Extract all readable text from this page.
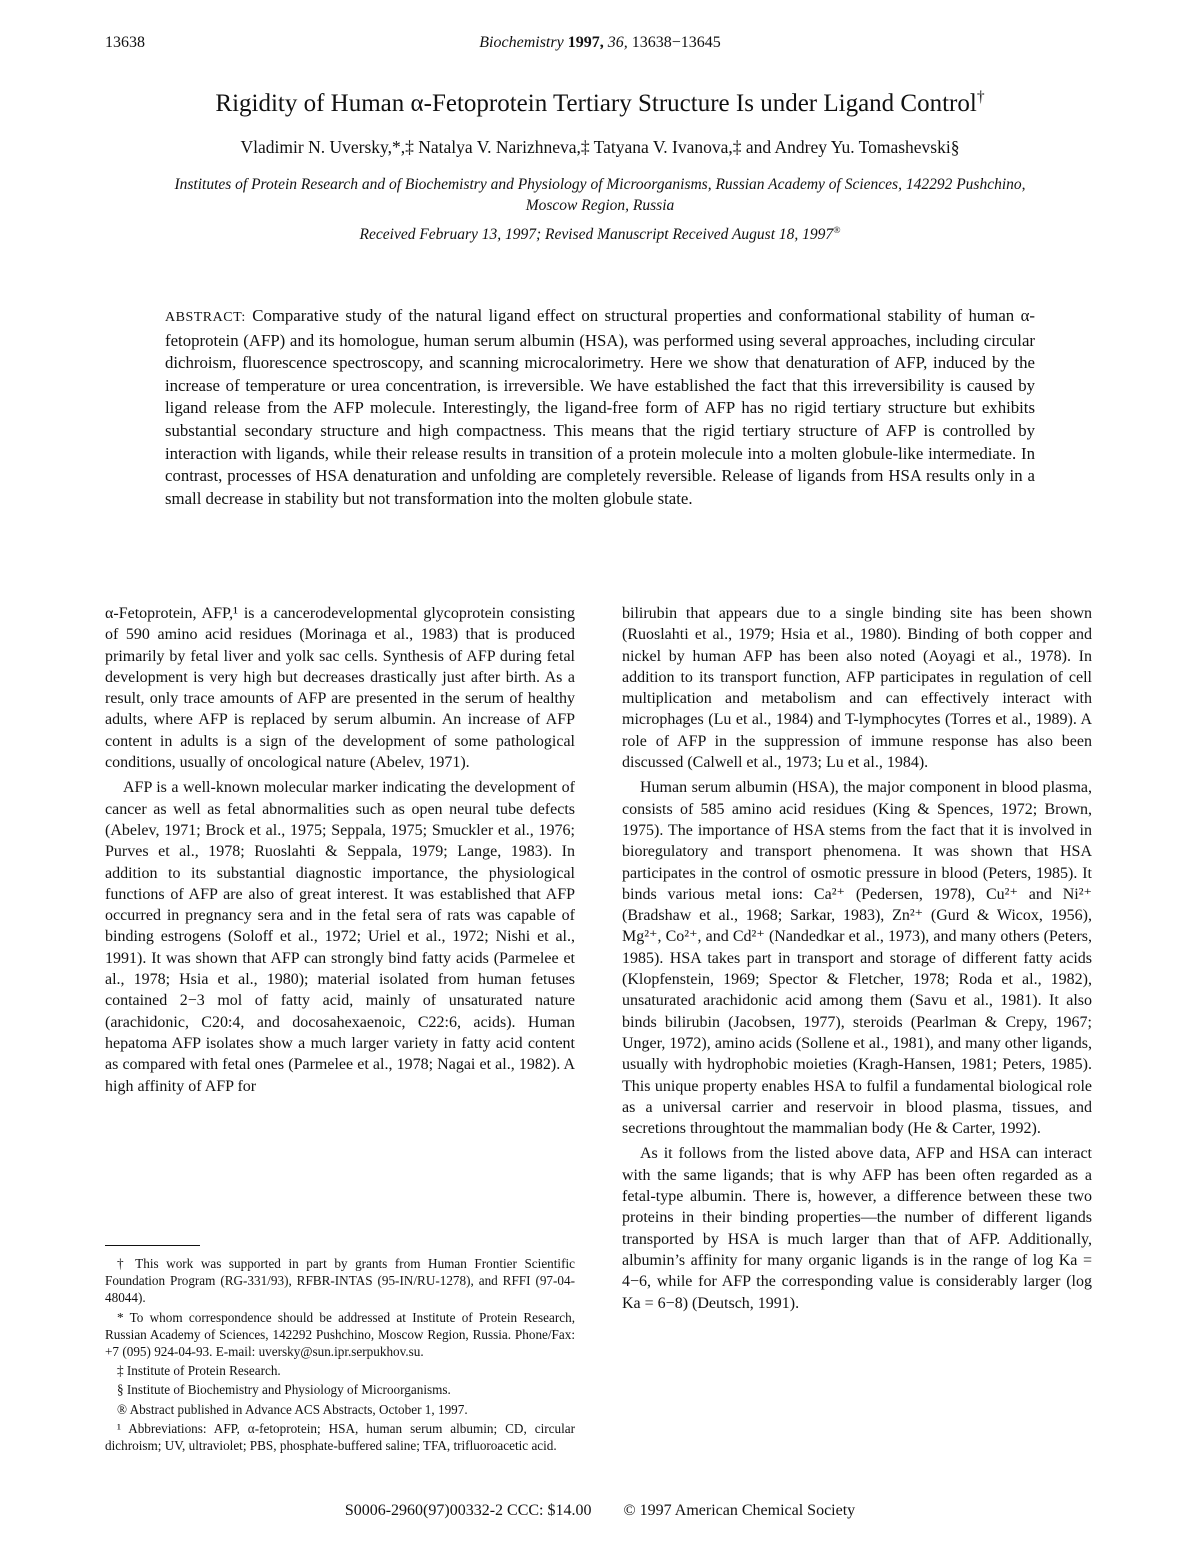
13638	Biochemistry 1997, 36, 13638−13645
Rigidity of Human α-Fetoprotein Tertiary Structure Is under Ligand Control†
Vladimir N. Uversky,*,‡ Natalya V. Narizhneva,‡ Tatyana V. Ivanova,‡ and Andrey Yu. Tomashevski§
Institutes of Protein Research and of Biochemistry and Physiology of Microorganisms, Russian Academy of Sciences, 142292 Pushchino, Moscow Region, Russia
Received February 13, 1997; Revised Manuscript Received August 18, 1997®
ABSTRACT: Comparative study of the natural ligand effect on structural properties and conformational stability of human α-fetoprotein (AFP) and its homologue, human serum albumin (HSA), was performed using several approaches, including circular dichroism, fluorescence spectroscopy, and scanning microcalorimetry. Here we show that denaturation of AFP, induced by the increase of temperature or urea concentration, is irreversible. We have established the fact that this irreversibility is caused by ligand release from the AFP molecule. Interestingly, the ligand-free form of AFP has no rigid tertiary structure but exhibits substantial secondary structure and high compactness. This means that the rigid tertiary structure of AFP is controlled by interaction with ligands, while their release results in transition of a protein molecule into a molten globule-like intermediate. In contrast, processes of HSA denaturation and unfolding are completely reversible. Release of ligands from HSA results only in a small decrease in stability but not transformation into the molten globule state.

α-Fetoprotein, AFP,¹ is a cancerodevelopmental glycoprotein consisting of 590 amino acid residues (Morinaga et al., 1983) that is produced primarily by fetal liver and yolk sac cells. Synthesis of AFP during fetal development is very high but decreases drastically just after birth. As a result, only trace amounts of AFP are presented in the serum of healthy adults, where AFP is replaced by serum albumin. An increase of AFP content in adults is a sign of the development of some pathological conditions, usually of oncological nature (Abelev, 1971).

AFP is a well-known molecular marker indicating the development of cancer as well as fetal abnormalities such as open neural tube defects (Abelev, 1971; Brock et al., 1975; Seppala, 1975; Smuckler et al., 1976; Purves et al., 1978; Ruoslahti & Seppala, 1979; Lange, 1983). In addition to its substantial diagnostic importance, the physiological functions of AFP are also of great interest. It was established that AFP occurred in pregnancy sera and in the fetal sera of rats was capable of binding estrogens (Soloff et al., 1972; Uriel et al., 1972; Nishi et al., 1991). It was shown that AFP can strongly bind fatty acids (Parmelee et al., 1978; Hsia et al., 1980); material isolated from human fetuses contained 2−3 mol of fatty acid, mainly of unsaturated nature (arachidonic, C20:4, and docosahexaenoic, C22:6, acids). Human hepatoma AFP isolates show a much larger variety in fatty acid content as compared with fetal ones (Parmelee et al., 1978; Nagai et al., 1982). A high affinity of AFP for

bilirubin that appears due to a single binding site has been shown (Ruoslahti et al., 1979; Hsia et al., 1980). Binding of both copper and nickel by human AFP has been also noted (Aoyagi et al., 1978). In addition to its transport function, AFP participates in regulation of cell multiplication and metabolism and can effectively interact with microphages (Lu et al., 1984) and T-lymphocytes (Torres et al., 1989). A role of AFP in the suppression of immune response has also been discussed (Calwell et al., 1973; Lu et al., 1984).

Human serum albumin (HSA), the major component in blood plasma, consists of 585 amino acid residues (King & Spences, 1972; Brown, 1975). The importance of HSA stems from the fact that it is involved in bioregulatory and transport phenomena. It was shown that HSA participates in the control of osmotic pressure in blood (Peters, 1985). It binds various metal ions: Ca²⁺ (Pedersen, 1978), Cu²⁺ and Ni²⁺ (Bradshaw et al., 1968; Sarkar, 1983), Zn²⁺ (Gurd & Wicox, 1956), Mg²⁺, Co²⁺, and Cd²⁺ (Nandedkar et al., 1973), and many others (Peters, 1985). HSA takes part in transport and storage of different fatty acids (Klopfenstein, 1969; Spector & Fletcher, 1978; Roda et al., 1982), unsaturated arachidonic acid among them (Savu et al., 1981). It also binds bilirubin (Jacobsen, 1977), steroids (Pearlman & Crepy, 1967; Unger, 1972), amino acids (Sollene et al., 1981), and many other ligands, usually with hydrophobic moieties (Kragh-Hansen, 1981; Peters, 1985). This unique property enables HSA to fulfil a fundamental biological role as a universal carrier and reservoir in blood plasma, tissues, and secretions throughtout the mammalian body (He & Carter, 1992).

As it follows from the listed above data, AFP and HSA can interact with the same ligands; that is why AFP has been often regarded as a fetal-type albumin. There is, however, a difference between these two proteins in their binding properties—the number of different ligands transported by HSA is much larger than that of AFP. Additionally, albumin’s affinity for many organic ligands is in the range of log Ka = 4−6, while for AFP the corresponding value is considerably larger (log Ka = 6−8) (Deutsch, 1991).

† This work was supported in part by grants from Human Frontier Scientific Foundation Program (RG-331/93), RFBR-INTAS (95-IN/RU-1278), and RFFI (97-04-48044).

* To whom correspondence should be addressed at Institute of Protein Research, Russian Academy of Sciences, 142292 Pushchino, Moscow Region, Russia. Phone/Fax: +7 (095) 924-04-93. E-mail: uversky@sun.ipr.serpukhov.su.

‡ Institute of Protein Research.

§ Institute of Biochemistry and Physiology of Microorganisms.

® Abstract published in Advance ACS Abstracts, October 1, 1997.

¹ Abbreviations: AFP, α-fetoprotein; HSA, human serum albumin; CD, circular dichroism; UV, ultraviolet; PBS, phosphate-buffered saline; TFA, trifluoroacetic acid.

S0006-2960(97)00332-2 CCC: $14.00 © 1997 American Chemical Society
